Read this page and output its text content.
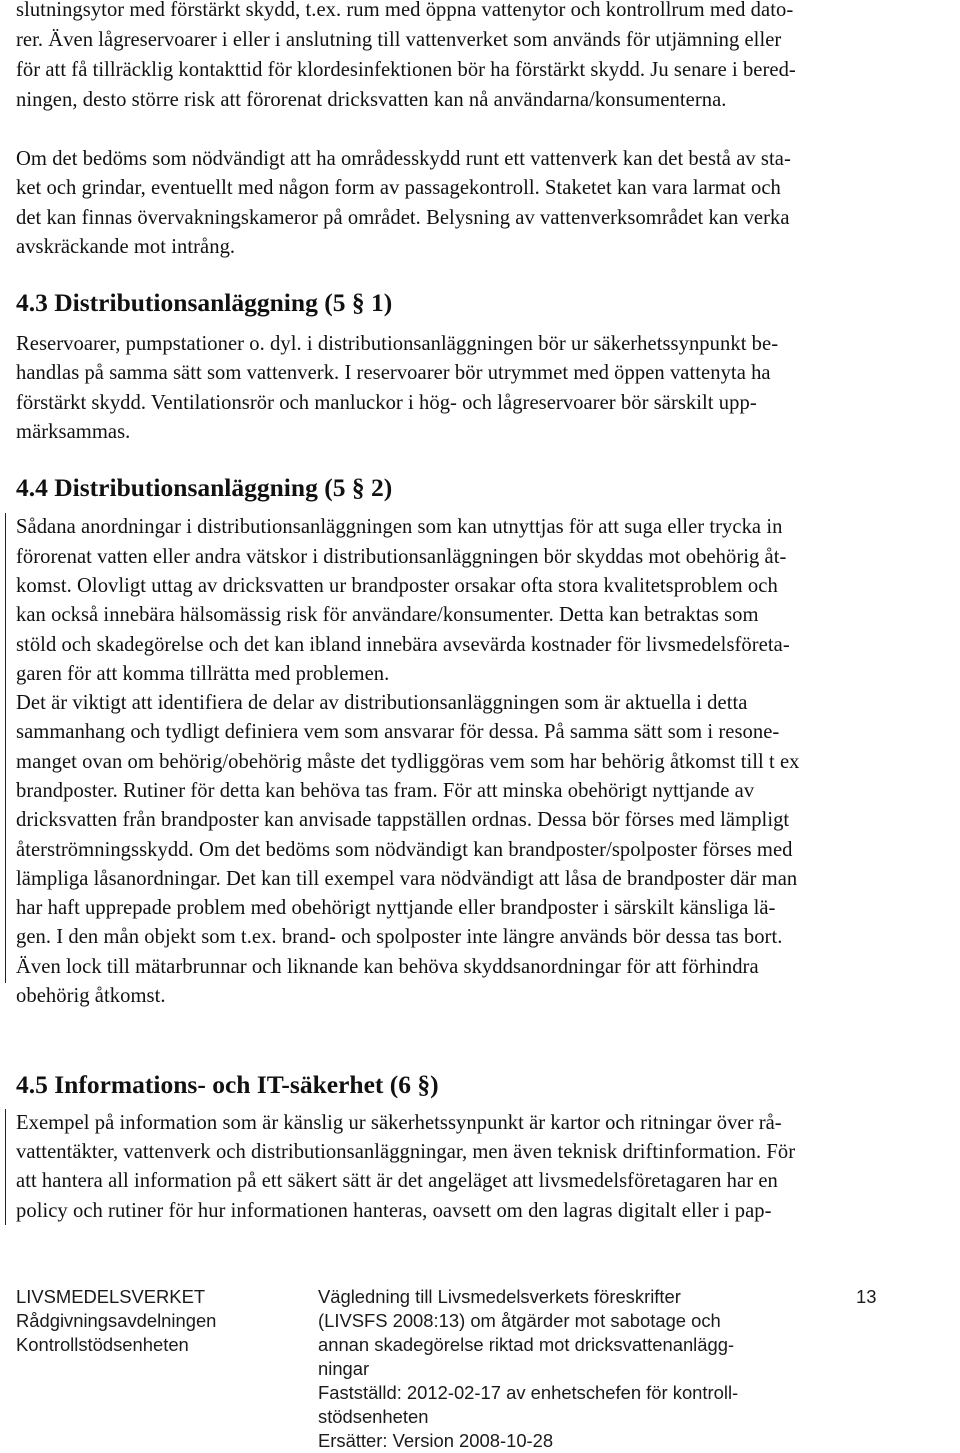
slutningsytor med förstärkt skydd, t.ex. rum med öppna vattenytor och kontrollrum med dato-

rer. Även lågreservoarer i eller i anslutning till vattenverket som används för utjämning eller

för att få tillräcklig kontakttid för klordesinfektionen bör ha förstärkt skydd. Ju senare i bered-

ningen, desto större risk att förorenat dricksvatten kan nå användarna/konsumenterna.

Om det bedöms som nödvändigt att ha områdesskydd runt ett vattenverk kan det bestå av sta-

ket och grindar, eventuellt med någon form av passagekontroll. Staketet kan vara larmat och

det kan finnas övervakningskameror på området. Belysning av vattenverksområdet kan verka

avskräckande mot intrång.

4.3 Distributionsanläggning (5 § 1)

Reservoarer, pumpstationer o. dyl. i distributionsanläggningen bör ur säkerhetssynpunkt be-

handlas på samma sätt som vattenverk. I reservoarer bör utrymmet med öppen vattenyta ha

förstärkt skydd. Ventilationsrör och manluckor i hög- och lågreservoarer bör särskilt upp-

märksammas.

4.4 Distributionsanläggning (5 § 2)

Sådana anordningar i distributionsanläggningen som kan utnyttjas för att suga eller trycka in

förorenat vatten eller andra vätskor i distributionsanläggningen bör skyddas mot obehörig åt-

komst. Olovligt uttag av dricksvatten ur brandposter orsakar ofta stora kvalitetsproblem och

kan också innebära hälsomässig risk för användare/konsumenter. Detta kan betraktas som

stöld och skadegörelse och det kan ibland innebära avsevärda kostnader för livsmedelsföreta-

garen för att komma tillrätta med problemen.

Det är viktigt att identifiera de delar av distributionsanläggningen som är aktuella i detta

sammanhang och tydligt definiera vem som ansvarar för dessa. På samma sätt som i resone-

manget ovan om behörig/obehörig måste det tydliggöras vem som har behörig åtkomst till t ex

brandposter. Rutiner för detta kan behöva tas fram. För att minska obehörigt nyttjande av

dricksvatten från brandposter kan anvisade tappställen ordnas. Dessa bör förses med lämpligt

återströmningsskydd. Om det bedöms som nödvändigt kan brandposter/spolposter förses med

lämpliga låsanordningar. Det kan till exempel vara nödvändigt att låsa de brandposter där man

har haft upprepade problem med obehörigt nyttjande eller brandposter i särskilt känsliga lä-

gen. I den mån objekt som t.ex. brand- och spolposter inte längre används bör dessa tas bort.

Även lock till mätarbrunnar och liknande kan behöva skyddsanordningar för att förhindra

obehörig åtkomst.

4.5 Informations- och IT-säkerhet (6 §)

Exempel på information som är känslig ur säkerhetssynpunkt är kartor och ritningar över rå-

vattentäkter, vattenverk och distributionsanläggningar, men även teknisk driftinformation. För

att hantera all information på ett säkert sätt är det angeläget att livsmedelsföretagaren har en

policy och rutiner för hur informationen hanteras, oavsett om den lagras digitalt eller i pap-

LIVSMEDELSVERKET

Rådgivningsavdelningen

Kontrollstödsenheten

Vägledning till Livsmedelsverkets föreskrifter

(LIVSFS 2008:13) om åtgärder mot sabotage och

annan skadegörelse riktad mot dricksvattenanlägg-

ningar

Fastställd: 2012-02-17 av enhetschefen för kontroll-

stödsenheten

Ersätter: Version 2008-10-28

13
